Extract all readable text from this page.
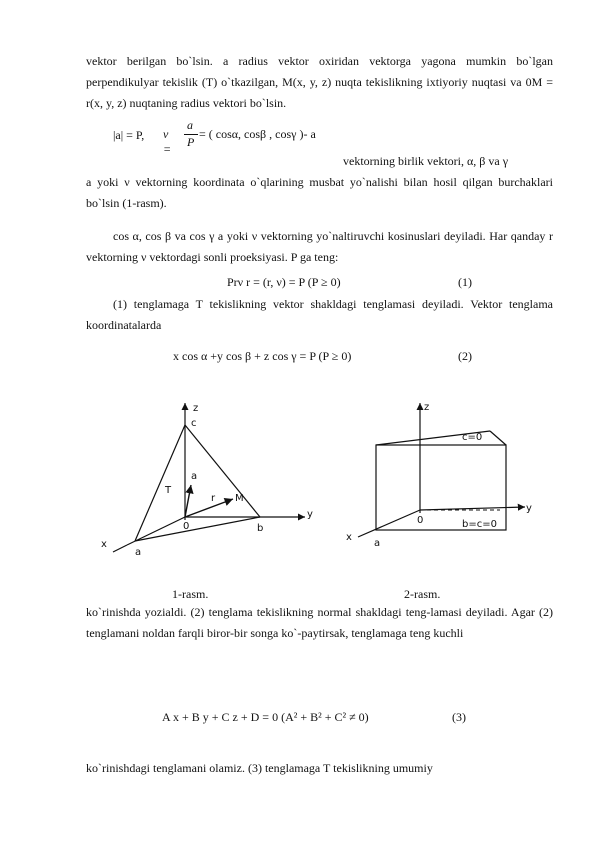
vektor berilgan bo`lsin. a radius vektor oxiridan vektorga yagona mumkin bo`lgan perpendikulyar tekislik (T) o`tkazilgan, M(x, y, z) nuqta tekislikning ixtiyoriy nuqtasi va 0M = r(x, y, z) nuqtaning radius vektori bo`lsin.

|a| = P, ν =
a
P
= ( cosα, cosβ , cosγ )- a
vektorning birlik vektori, α, β va γ

a yoki ν vektorning koordinata o`qlarining musbat yo`nalishi bilan hosil qilgan burchaklari bo`lsin (1-rasm).

cos α, cos β va cos γ a yoki ν vektorning yo`naltiruvchi kosinuslari deyiladi. Har qanday r vektorning ν vektordagi sonli proeksiyasi. P ga teng:

Prν r = (r, ν) = P (P ≥ 0)	(1)

(1) tenglamaga T tekislikning vektor shakldagi tenglamasi deyiladi. Vektor tenglama koordinatalarda

x cos α +y cos β + z cos γ = P (P ≥ 0)	(2)
z
c
a
T
r M
y
0	b
x
a
z
c=0
y
0	b=c=0
x
a
1-rasm.	2-rasm.

ko`rinishda yozialdi. (2) tenglama tekislikning normal shakldagi teng-lamasi deyiladi. Agar (2) tenglamani noldan farqli biror-bir songa ko`-paytirsak, tenglamaga teng kuchli

A x + B y + C z + D = 0 (A² + B² + C² ≠ 0)	(3)

ko`rinishdagi tenglamani olamiz. (3) tenglamaga T tekislikning umumiy
